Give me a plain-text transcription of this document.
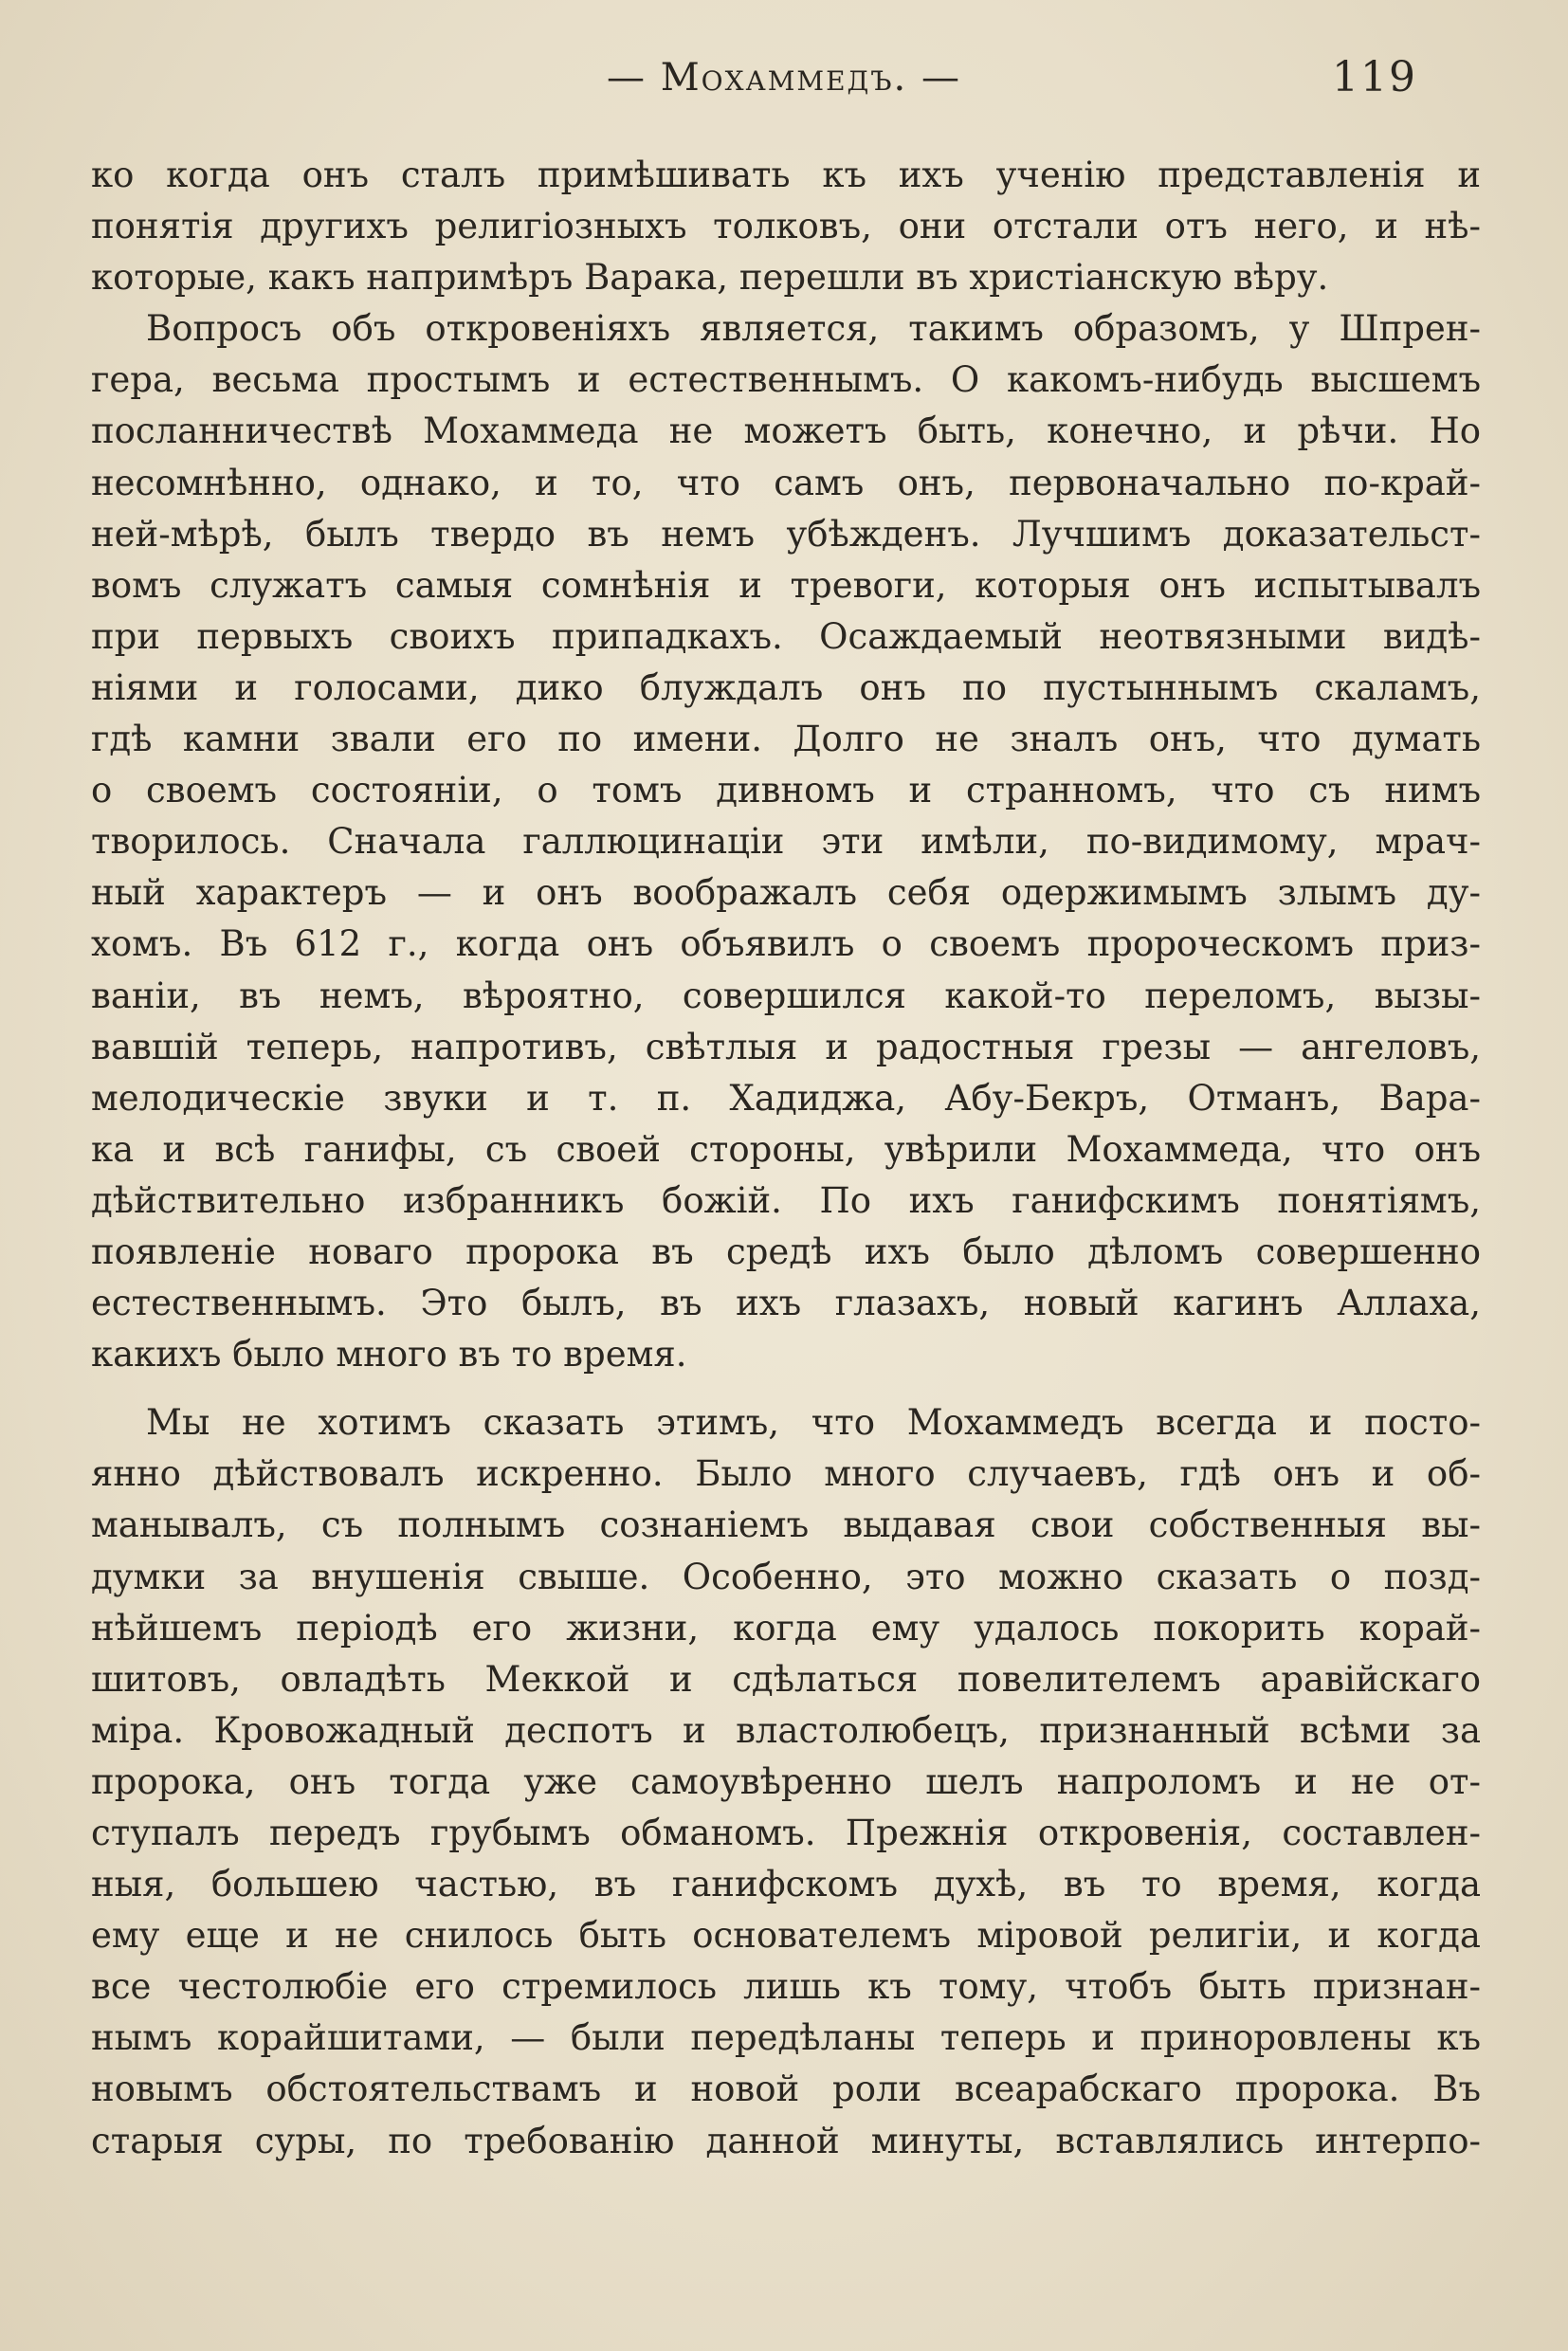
— Мохаммедъ. —	119
ко когда онъ сталъ примѣшивать къ ихъ ученію представленія и
понятія другихъ религіозныхъ толковъ, они отстали отъ него, и нѣ-
которые, какъ напримѣръ Варака, перешли въ христіанскую вѣру.
Вопросъ объ откровеніяхъ является, такимъ образомъ, у Шпрен-
гера, весьма простымъ и естественнымъ. О какомъ-нибудь высшемъ
посланничествѣ Мохаммеда не можетъ быть, конечно, и рѣчи. Но
несомнѣнно, однако, и то, что самъ онъ, первоначально по-край-
ней-мѣрѣ, былъ твердо въ немъ убѣжденъ. Лучшимъ доказательст-
вомъ служатъ самыя сомнѣнія и тревоги, которыя онъ испытывалъ
при первыхъ своихъ припадкахъ. Осаждаемый неотвязными видѣ-
ніями и голосами, дико блуждалъ онъ по пустыннымъ скаламъ,
гдѣ камни звали его по имени. Долго не зналъ онъ, что думать
о своемъ состояніи, о томъ дивномъ и странномъ, что съ нимъ
творилось. Сначала галлюцинаціи эти имѣли, по-видимому, мрач-
ный характеръ — и онъ воображалъ себя одержимымъ злымъ ду-
хомъ. Въ 612 г., когда онъ объявилъ о своемъ пророческомъ приз-
ваніи, въ немъ, вѣроятно, совершился какой-то переломъ, вызы-
вавшій теперь, напротивъ, свѣтлыя и радостныя грезы — ангеловъ,
мелодическіе звуки и т. п. Хадиджа, Абу-Бекръ, Отманъ, Вара-
ка и всѣ ганифы, съ своей стороны, увѣрили Мохаммеда, что онъ
дѣйствительно избранникъ божій. По ихъ ганифскимъ понятіямъ,
появленіе новаго пророка въ средѣ ихъ было дѣломъ совершенно
естественнымъ. Это былъ, въ ихъ глазахъ, новый кагинъ Аллаха,
какихъ было много въ то время.
Мы не хотимъ сказать этимъ, что Мохаммедъ всегда и посто-
янно дѣйствовалъ искренно. Было много случаевъ, гдѣ онъ и об-
манывалъ, съ полнымъ сознаніемъ выдавая свои собственныя вы-
думки за внушенія свыше. Особенно, это можно сказать о позд-
нѣйшемъ періодѣ его жизни, когда ему удалось покорить корай-
шитовъ, овладѣть Меккой и сдѣлаться повелителемъ аравійскаго
міра. Кровожадный деспотъ и властолюбецъ, признанный всѣми за
пророка, онъ тогда уже самоувѣренно шелъ напроломъ и не от-
ступалъ передъ грубымъ обманомъ. Прежнія откровенія, составлен-
ныя, большею частью, въ ганифскомъ духѣ, въ то время, когда
ему еще и не снилось быть основателемъ міровой религіи, и когда
все честолюбіе его стремилось лишь къ тому, чтобъ быть признан-
нымъ корайшитами, — были передѣланы теперь и приноровлены къ
новымъ обстоятельствамъ и новой роли всеарабскаго пророка. Въ
старыя суры, по требованію данной минуты, вставлялись интерпо-
